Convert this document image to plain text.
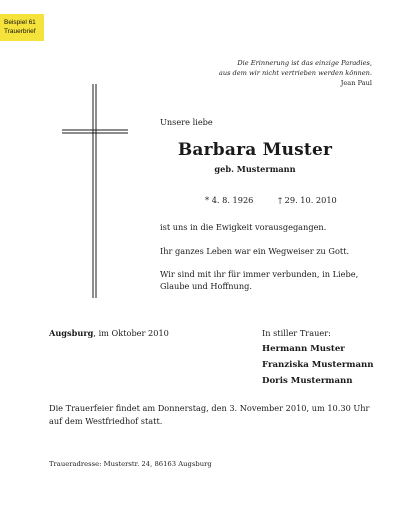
Beispiel 61
Trauerbrief
Die Erinnerung ist das einzige Paradies,
aus dem wir nicht vertrieben werden können.
Jean Paul
Unsere liebe
Barbara Muster
geb. Mustermann
* 4. 8. 1926	† 29. 10. 2010
ist uns in die Ewigkeit vorausgegangen.
Ihr ganzes Leben war ein Wegweiser zu Gott.
Wir sind mit ihr für immer verbunden, in Liebe, Glaube und Hoffnung.
Augsburg, im Oktober 2010	In stiller Trauer:
Hermann Muster
Franziska Mustermann
Doris Mustermann
Die Trauerfeier findet am Donnerstag, den 3. November 2010, um 10.30 Uhr auf dem Westfriedhof statt.
Traueradresse: Musterstr. 24, 86163 Augsburg
